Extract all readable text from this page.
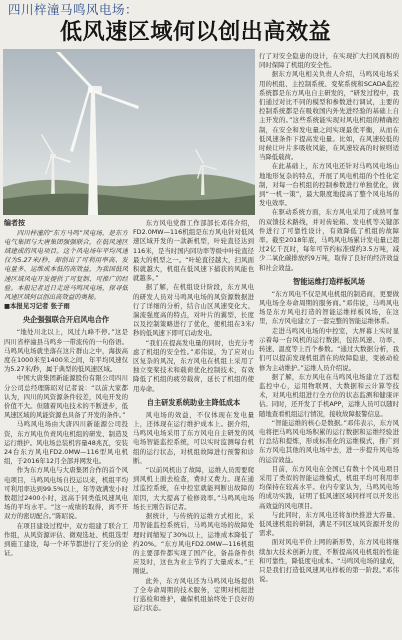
四川梓潼马鸣风电场：
低风速区域何以创出高效益
编者按

四川梓潼的“东方马鸣”风电场，是东方电气集团与大唐集团强强联合，在低风速区域建成的风电项目。这个风电场年平均风速仅为5.27米/秒，却创出了可利用率高、发电量多、运维成本低的高效益，为我国低风速区域风电开发提供了可复制、可推广的经验。本报记者近日走进马鸣风电场，探寻低风速区域何以创出高效益的奥秘。

■本报见习记者 张子雨

央企强强联合开启风电合作

“地处川北以上，风过九峰不停。”这是四川省梓潼县马鸣乡一带流传的一句俗语。马鸣风电场就坐落在这片群山之中，海拔高度在1000米至1400米之间，年平均风速仅为5.27米/秒，属于典型的低风速区域。

中国大唐集团新能源股份有限公司四川分公司总经理陈昭对记者说：“以前大家都认为，四川的风资源条件较差，风电开发的价值不大。但随着风电技术的不断进步，低风速区域的风能资源也具备了开发的条件。”

马鸣风电场由大唐四川新能源公司投资，东方风电负责风电机组的研发、制造及运行维护。风电场总装机容量48兆瓦，安装24台东方风电FD2.0MW—116型风电机组，于2016年12月全部并网发电。

作为东方风电与大唐集团合作的首个风电项目，马鸣风电场自投运以来，机组平均可利用率达到99.5%以上，年等效满发小时数超过2400小时，远高于同类低风速风电场的平均水平。“这一成绩的取得，离不开双方的密切配合。”陈昭说。

在项目建设过程中，双方组建了联合工作组，从风资源评估、微观选址、机组选型到施工建设，每一个环节都进行了充分的论证。

东方风电党群工作部部长邓伟介绍，FD2.0MW—116机组是东方风电针对低风速区域开发的一款新机型，叶轮直径达到116米，是当时国内同功率等级中叶轮直径最大的机型之一。“叶轮直径越大，扫风面积就越大，机组在低风速下捕获的风能也就越多。”

据了解，在机组设计阶段，东方风电的研发人员对马鸣风电场的风资源数据进行了详细的分析，结合山区风速变化大、湍流强度高的特点，对叶片的翼型、长度以及控制策略进行了优化，使机组在3米/秒的低风速下即可启动发电。

“我们在提高发电量的同时，也充分考虑了机组的安全性。”邓伟说，为了应对山区复杂的风况，东方风电在机组上采用了独立变桨技术和载荷优化控制技术，有效降低了机组的疲劳载荷，延长了机组的使用寿命。

自主研发系统助业主降低成本

风电场的效益，不仅体现在发电量上，还体现在运行维护成本上。据介绍，马鸣风电场采用了东方风电自主研发的风电场智能监控系统，可以实时监测每台机组的运行状态，对机组故障进行预警和诊断。

“以前风机出了故障，运维人员需要爬到风机上面去检查，费时又费力。现在通过监控系统，在中控室就能判断出故障的原因，大大提高了检修效率。”马鸣风电场场长王刚告诉记者。

据统计，与传统的运维方式相比，采用智能监控系统后，马鸣风电场的故障处理时间缩短了30%以上，运维成本降低了约20%。“东方风电FD2.0MW—116机组的主要部件都实现了国产化，备品备件供应及时，这也为业主节约了大量成本。”王刚说。

此外，东方风电还为马鸣风电场提供了全寿命周期的技术服务，定期对机组进行巡检和维护，确保机组始终处于良好的运行状态。

行了对安全隐患的设计，在实现扩大扫风面积的同时保障了机组的安全性。

据东方风电相关负责人介绍，马鸣风电场采用的机组、主控制系统、变桨系统和SCADA监控系统都是东方风电自主研发的，“研发过程中，我们通过对比不同的模型和参数进行调试，主要的控制系统都是在吸收国内外先进经验的基础上自主开发的。”这些系统能实现对风电机组的精确控制，在安全和发电量之间实现最优平衡，从而在低风速条件下提高发电量。比如，在风速较低的时候让叶片多吸收风能，在风速较高的时候则适当降低载荷。

在此基础上，东方风电还针对马鸣风电场山地地形复杂的特点，开展了风电机组的个性化定制，对每一台机组的控制参数进行单独优化，做到“一机一策”，最大限度地提高了整个风电场的发电效率。

在驱动系统方面，东方风电采用了成熟可靠的双馈技术路线，并对齿轮箱、发电机等关键部件进行了可靠性设计，有效降低了机组的故障率。截至2018年底，马鸣风电场累计发电量已超过2亿千瓦时，每年可节约标准煤约3.5万吨，减少二氧化碳排放约9万吨，取得了良好的经济效益和社会效益。

智能运维打造样板风场

“东方风电不仅是风电机组的制造商，更要做风电场全寿命周期的服务商。”邓伟说，马鸣风电场是东方风电打造的智能运维样板风场，在这里，东方风电建立了一套完整的智能运维体系。

走进马鸣风电场的中控室，大屏幕上实时显示着每一台风机的运行数据，包括风速、功率、转速、温度等上百个参数。“通过大数据分析，我们可以提前发现机组潜在的故障隐患，变被动检修为主动维护。”运维人员介绍说。

据了解，东方风电在马鸣风电场建立了远程监控中心，运用物联网、大数据和云计算等技术，对风电机组进行全方位的状态监测和健康评估。同时，还开发了手机APP，运维人员可以随时随地查看机组运行情况，接收故障报警信息。

“智能运维的核心是数据。”邓伟表示，东方风电将把马鸣风电场积累的运行数据和运维经验进行总结和提炼，形成标准化的运维模式，推广到东方风电其他的风电场中去，进一步提升风电场的运营效益。

目前，东方风电在全国已有数十个风电项目采用了类似的智能运维模式，机组平均可利用率均保持在较高水平。业内专家认为，马鸣风电场的成功实践，证明了低风速区域同样可以开发出高效益的风电项目。

与此同时，东方风电还将加快推进大容量、低风速机组的研制，满足不同区域风资源开发的需求。

面对风电平价上网的新形势，东方风电将继续加大技术创新力度，不断提高风电机组的性能和可靠性，降低度电成本。“马鸣风电场的建成，只是我们打造低风速风电样板的第一阶段。”邓伟说。
